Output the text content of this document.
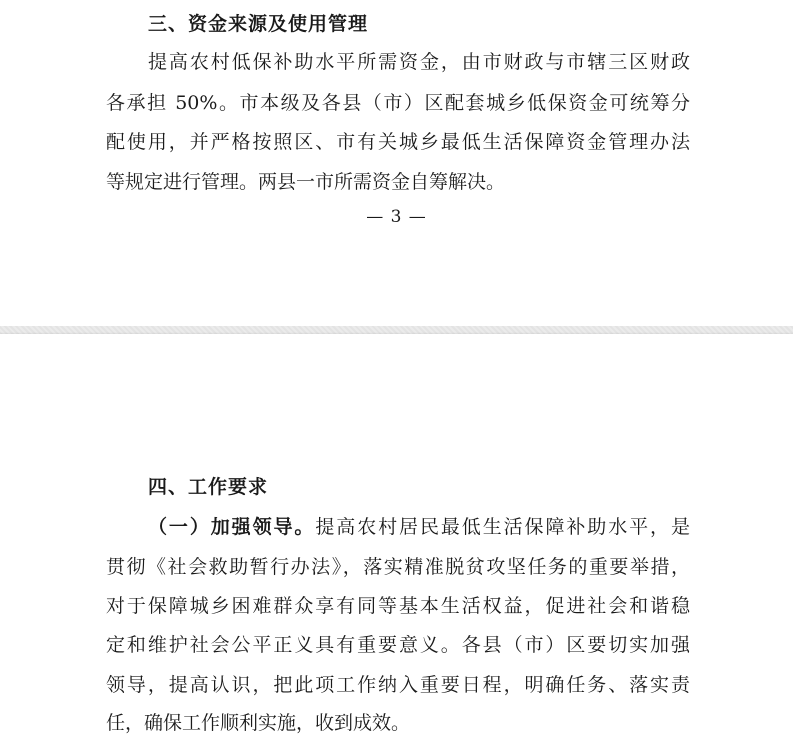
三、资金来源及使用管理

提高农村低保补助水平所需资金，由市财政与市辖三区财政

各承担 50%。市本级及各县（市）区配套城乡低保资金可统筹分

配使用，并严格按照区、市有关城乡最低生活保障资金管理办法

等规定进行管理。两县一市所需资金自筹解决。

— 3 —
四、工作要求

（一）加强领导。提高农村居民最低生活保障补助水平，是

贯彻《社会救助暂行办法》，落实精准脱贫攻坚任务的重要举措，

对于保障城乡困难群众享有同等基本生活权益，促进社会和谐稳

定和维护社会公平正义具有重要意义。各县（市）区要切实加强

领导，提高认识，把此项工作纳入重要日程，明确任务、落实责

任，确保工作顺利实施，收到成效。
